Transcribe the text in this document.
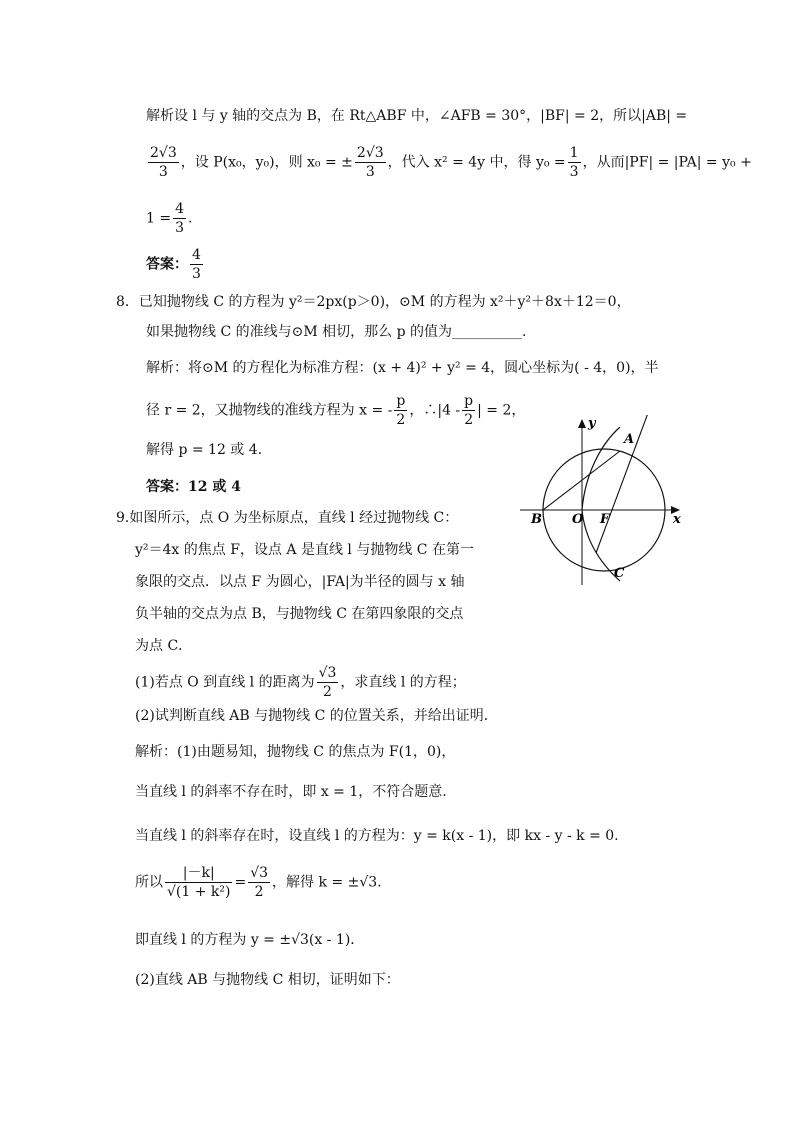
解析设 l 与 y 轴的交点为 B，在 Rt△ABF 中，∠AFB = 30°，|BF| = 2，所以|AB| =
$\frac{2√3}{3}$ ，设 P(x₀，y₀)，则 x₀ = ± $\frac{2√3}{3}$ ，代入 x² = 4y 中，得 $y_0 = \frac{1}{3}$ ，从而|PF| = |PA| = y₀ +
$1 = \frac{4}{3}$ .
答案： $\frac{4}{3}$
8．已知抛物线 C 的方程为 y²＝2px(p＞0)，⊙M 的方程为 x²＋y²＋8x＋12＝0，
如果抛物线 C 的准线与⊙M 相切，那么 p 的值为__________．
解析：将⊙M 的方程化为标准方程：(x + 4)² + y² = 4，圆心坐标为( - 4，0)，半
径 r = 2，又抛物线的准线方程为 x = - $\frac{p}{2}$ ，∴|4 - $\frac{p}{2}$ | = 2，
解得 p = 12 或 4.
答案：12 或 4
9.如图所示，点 O 为坐标原点，直线 l 经过抛物线 C：
y²＝4x 的焦点 F，设点 A 是直线 l 与抛物线 C 在第一
象限的交点．以点 F 为圆心，|FA|为半径的圆与 x 轴
负半轴的交点为点 B，与抛物线 C 在第四象限的交点
为点 C．
(1)若点 O 到直线 l 的距离为 $\frac{√3}{2}$ ，求直线 l 的方程；
(2)试判断直线 AB 与抛物线 C 的位置关系，并给出证明．
解析：(1)由题易知，抛物线 C 的焦点为 F(1，0)，
当直线 l 的斜率不存在时，即 x = 1，不符合题意.
当直线 l 的斜率存在时，设直线 l 的方程为：y = k(x - 1)，即 kx - y - k = 0.
所以 $\frac{|-k|}{\text{√(1 + k²)}} = \frac{√3}{2}$ ，解得 k = ±√3.
即直线 l 的方程为 y = ±√3(x - 1)．
(2)直线 AB 与抛物线 C 相切，证明如下：
y
A
B O F	x
C
